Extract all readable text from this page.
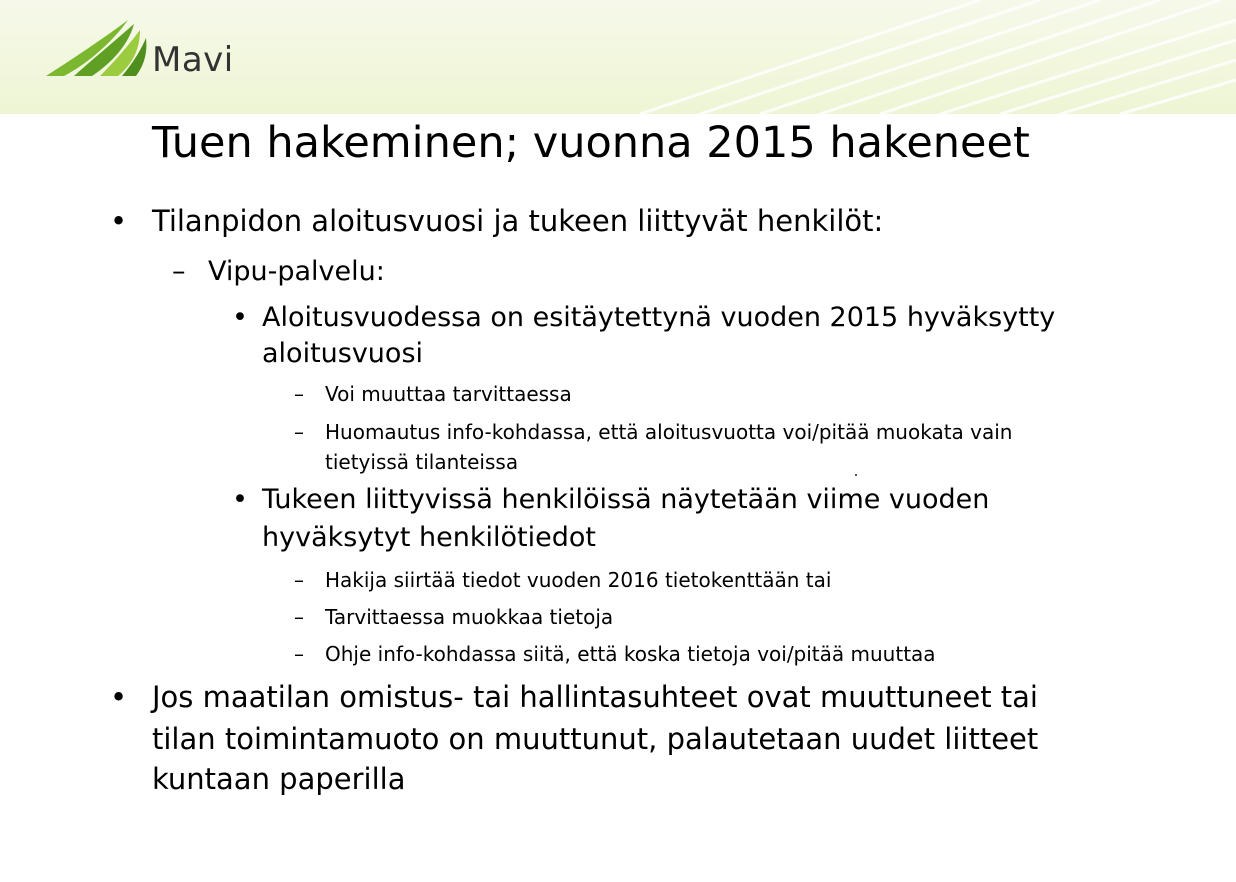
Mavi
Tuen hakeminen; vuonna 2015 hakeneet
• Tilanpidon aloitusvuosi ja tukeen liittyvät henkilöt:
– Vipu-palvelu:
• Aloitusvuodessa on esitäytettynä vuoden 2015 hyväksytty
aloitusvuosi
– Voi muuttaa tarvittaessa
– Huomautus info-kohdassa, että aloitusvuotta voi/pitää muokata vain
tietyissä tilanteissa
• Tukeen liittyvissä henkilöissä näytetään viime vuoden
hyväksytyt henkilötiedot
– Hakija siirtää tiedot vuoden 2016 tietokenttään tai
– Tarvittaessa muokkaa tietoja
– Ohje info-kohdassa siitä, että koska tietoja voi/pitää muuttaa
• Jos maatilan omistus- tai hallintasuhteet ovat muuttuneet tai
tilan toimintamuoto on muuttunut, palautetaan uudet liitteet
kuntaan paperilla
